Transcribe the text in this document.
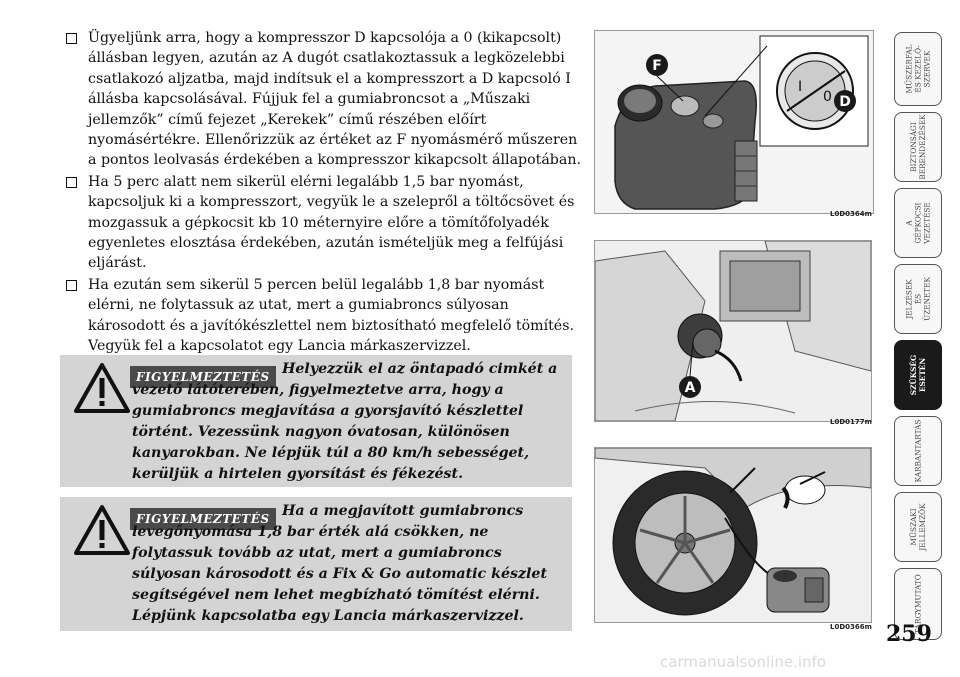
Ügyeljünk arra, hogy a kompresszor D kapcsolója a 0 (kikapcsolt) állásban legyen, azután az A dugót csatlakoztassuk a legközelebbi csatlakozó aljzatba, majd indítsuk el a kompresszort a D kapcsoló I állásba kapcsolásával. Fújjuk fel a gumiabroncsot a „Műszaki jellemzők” című fejezet „Kerekek” című részében előírt nyomásértékre. Ellenőrizzük az értéket az F nyomásmérő műszeren a pontos leolvasás érdekében a kompresszor kikapcsolt állapotában.
Ha 5 perc alatt nem sikerül elérni legalább 1,5 bar nyomást, kapcsoljuk ki a kompresszort, vegyük le a szelepről a töltőcsövet és mozgassuk a gépkocsit kb 10 méternyire előre a tömítőfolyadék egyenletes elosztása érdekében, azután ismételjük meg a felfújási eljárást.
Ha ezután sem sikerül 5 percen belül legalább 1,8 bar nyomást elérni, ne folytassuk az utat, mert a gumiabroncs súlyosan károsodott és a javítókészlettel nem biztosítható megfelelő tömítés. Vegyük fel a kapcsolatot egy Lancia márkaszervizzel.
FIGYELMEZTETÉS Helyezzük el az öntapadó cimkét a vezető látóterében, figyelmeztetve arra, hogy a gumiabroncs megjavítása a gyorsjavító készlettel történt. Vezessünk nagyon óvatosan, különösen kanyarokban. Ne lépjük túl a 80 km/h sebességet, kerüljük a hirtelen gyorsítást és fékezést.
FIGYELMEZTETÉS Ha a megjavított gumiabroncs levegőnyomása 1,8 bar érték alá csökken, ne folytassuk tovább az utat, mert a gumiabroncs súlyosan károsodott és a Fix & Go automatic készlet segítségével nem lehet megbízható tömítést elérni. Lépjünk kapcsolatba egy Lancia márkaszervizzel.
I
0
F
D
L0D0364m
A
L0D0177m
L0D0366m
MŰSZERFAL
ÉS KEZELŐ-
SZERVEK
BIZTONSÁGI
BERENDEZÉSEK
A GÉPKOCSI
VEZETÉSE
JELZÉSEK ÉS
ÜZENETEK
SZÜKSÉG
ESETÉN
KARBANTARTÁS
MŰSZAKI
JELLEMZŐK
TÁRGYMUTATÓ
259
carmanualsonline.info
